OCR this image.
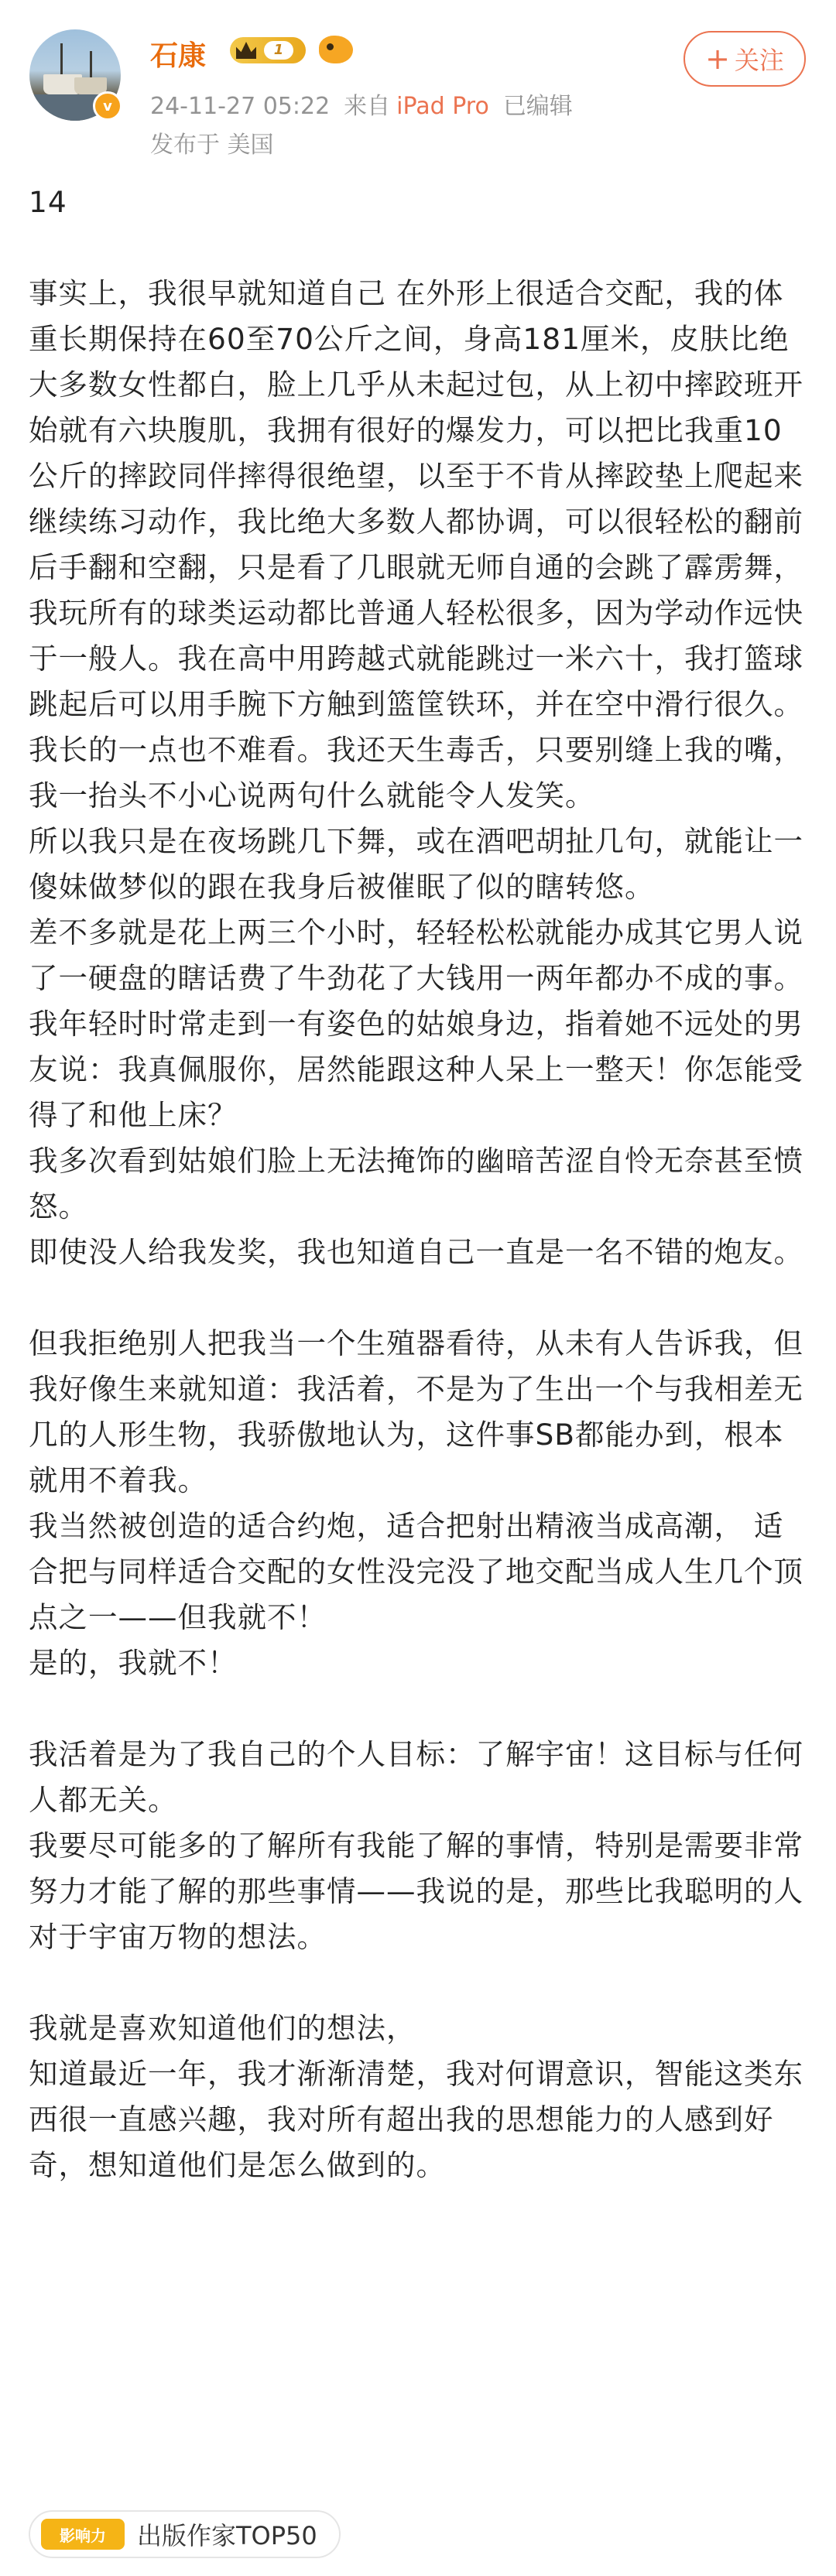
v
石康	1
24-11-27 05:22 来自 iPad Pro 已编辑
发布于 美国
+ 关注

14

事实上，我很早就知道自己 在外形上很适合交配，我的体重长期保持在60至70公斤之间，身高181厘米，皮肤比绝大多数女性都白，脸上几乎从未起过包，从上初中摔跤班开始就有六块腹肌，我拥有很好的爆发力，可以把比我重10公斤的摔跤同伴摔得很绝望，以至于不肯从摔跤垫上爬起来继续练习动作，我比绝大多数人都协调，可以很轻松的翻前后手翻和空翻，只是看了几眼就无师自通的会跳了霹雳舞，我玩所有的球类运动都比普通人轻松很多，因为学动作远快于一般人。我在高中用跨越式就能跳过一米六十，我打篮球跳起后可以用手腕下方触到篮筐铁环，并在空中滑行很久。我长的一点也不难看。我还天生毒舌，只要别缝上我的嘴，我一抬头不小心说两句什么就能令人发笑。

所以我只是在夜场跳几下舞，或在酒吧胡扯几句，就能让一傻妹做梦似的跟在我身后被催眠了似的瞎转悠。

差不多就是花上两三个小时，轻轻松松就能办成其它男人说了一硬盘的瞎话费了牛劲花了大钱用一两年都办不成的事。

我年轻时时常走到一有姿色的姑娘身边，指着她不远处的男友说：我真佩服你，居然能跟这种人呆上一整天！你怎能受得了和他上床？

我多次看到姑娘们脸上无法掩饰的幽暗苦涩自怜无奈甚至愤怒。

即使没人给我发奖，我也知道自己一直是一名不错的炮友。

但我拒绝别人把我当一个生殖器看待，从未有人告诉我，但我好像生来就知道：我活着，不是为了生出一个与我相差无几的人形生物，我骄傲地认为，这件事SB都能办到，根本就用不着我。

我当然被创造的适合约炮，适合把射出精液当成高潮， 适合把与同样适合交配的女性没完没了地交配当成人生几个顶点之一——但我就不！

是的，我就不！

我活着是为了我自己的个人目标：了解宇宙！这目标与任何人都无关。

我要尽可能多的了解所有我能了解的事情，特别是需要非常努力才能了解的那些事情——我说的是，那些比我聪明的人对于宇宙万物的想法。

我就是喜欢知道他们的想法，

知道最近一年，我才渐渐清楚，我对何谓意识，智能这类东西很一直感兴趣，我对所有超出我的思想能力的人感到好奇，想知道他们是怎么做到的。

影响力	出版作家TOP50
